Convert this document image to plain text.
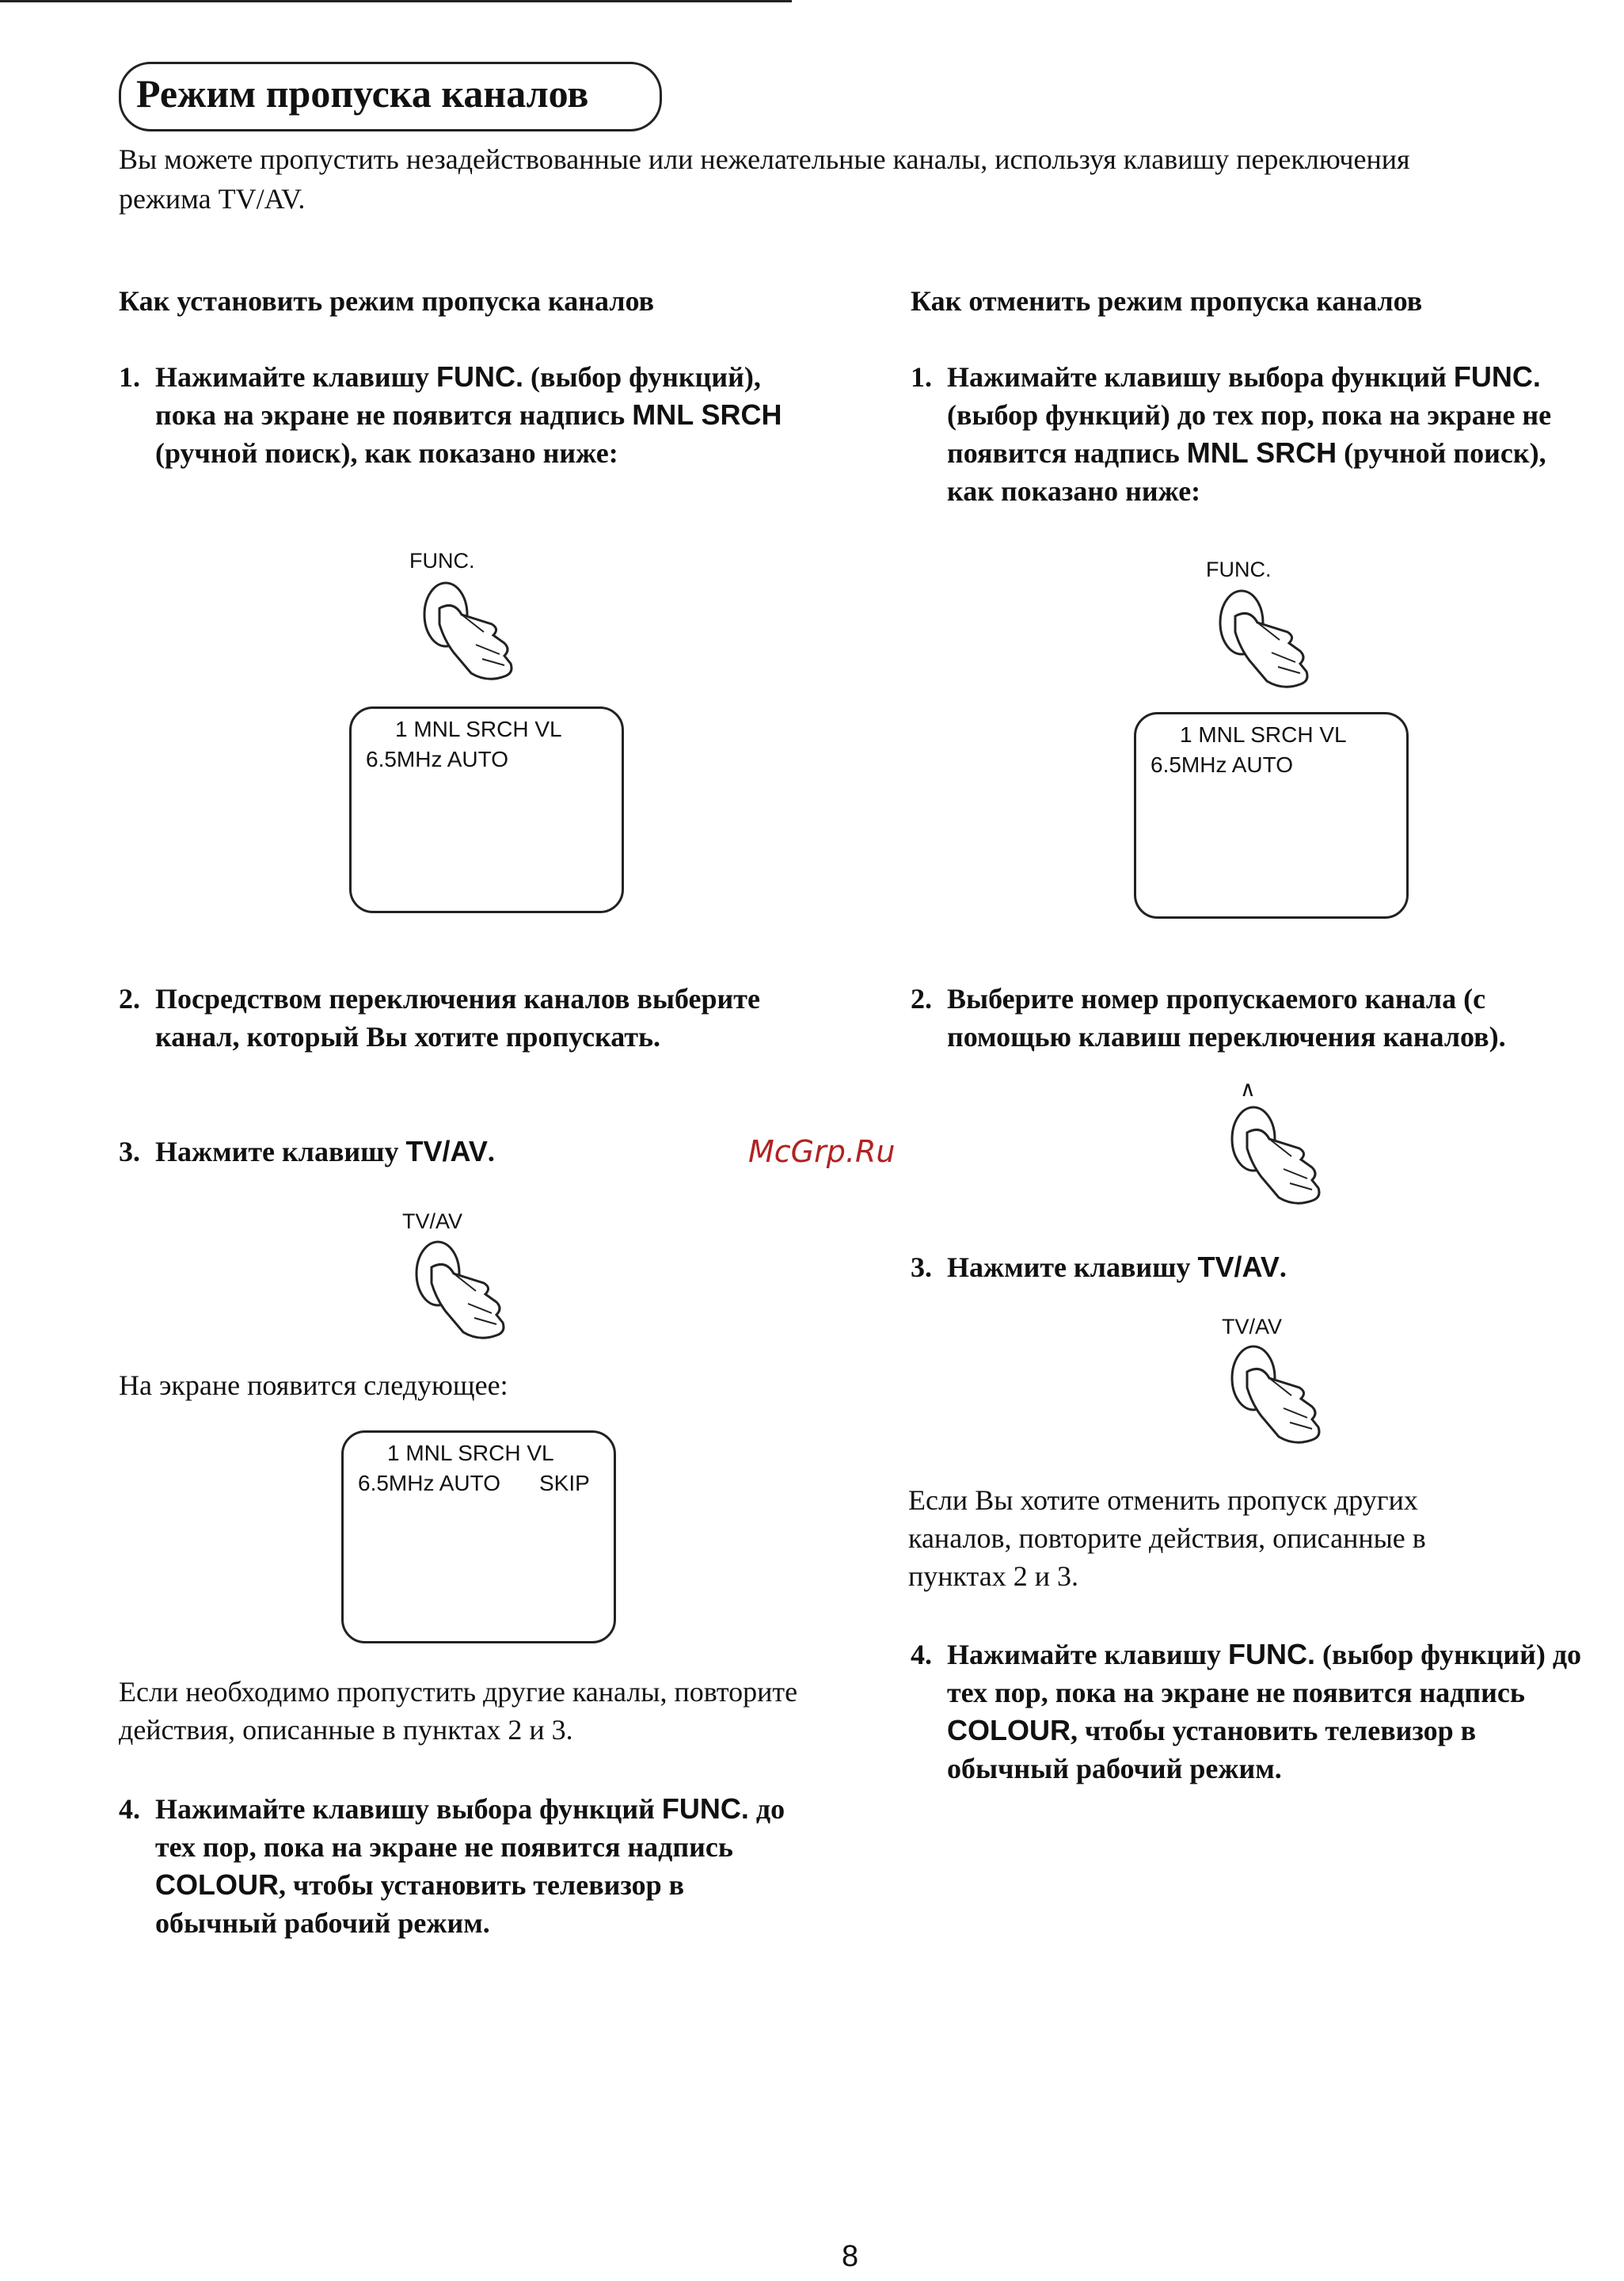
Режим пропуска каналов
Вы можете пропустить незадействованные или нежелательные каналы, используя клавишу переключения режима TV/AV.
Как установить режим пропуска каналов
1. Нажимайте клавишу FUNC. (выбор функций), пока на экране не появится надпись MNL SRCH (ручной поиск), как показано ниже:
FUNC.
1 MNL SRCH VL
6.5MHz AUTO
2. Посредством переключения каналов выберите канал, который Вы хотите пропускать.
3. Нажмите клавишу TV/AV.
TV/AV
На экране появится следующее:
1 MNL SRCH VL
6.5MHz AUTO SKIP
Если необходимо пропустить другие каналы, повторите действия, описанные в пунктах 2 и 3.
4. Нажимайте клавишу выбора функций FUNC. до тех пор, пока на экране не появится надпись COLOUR, чтобы установить телевизор в обычный рабочий режим.
Как отменить режим пропуска каналов
1. Нажимайте клавишу выбора функций FUNC. (выбор функций) до тех пор, пока на экране не появится надпись MNL SRCH (ручной поиск), как показано ниже:
FUNC.
1 MNL SRCH VL
6.5MHz AUTO
2. Выберите номер пропускаемого канала (с помощью клавиш переключения каналов).
∧
3. Нажмите клавишу TV/AV.
TV/AV
Если Вы хотите отменить пропуск других каналов, повторите действия, описанные в пунктах 2 и 3.
4. Нажимайте клавишу FUNC. (выбор функций) до тех пор, пока на экране не появится надпись COLOUR, чтобы установить телевизор в обычный рабочий режим.
McGrp.Ru
8
